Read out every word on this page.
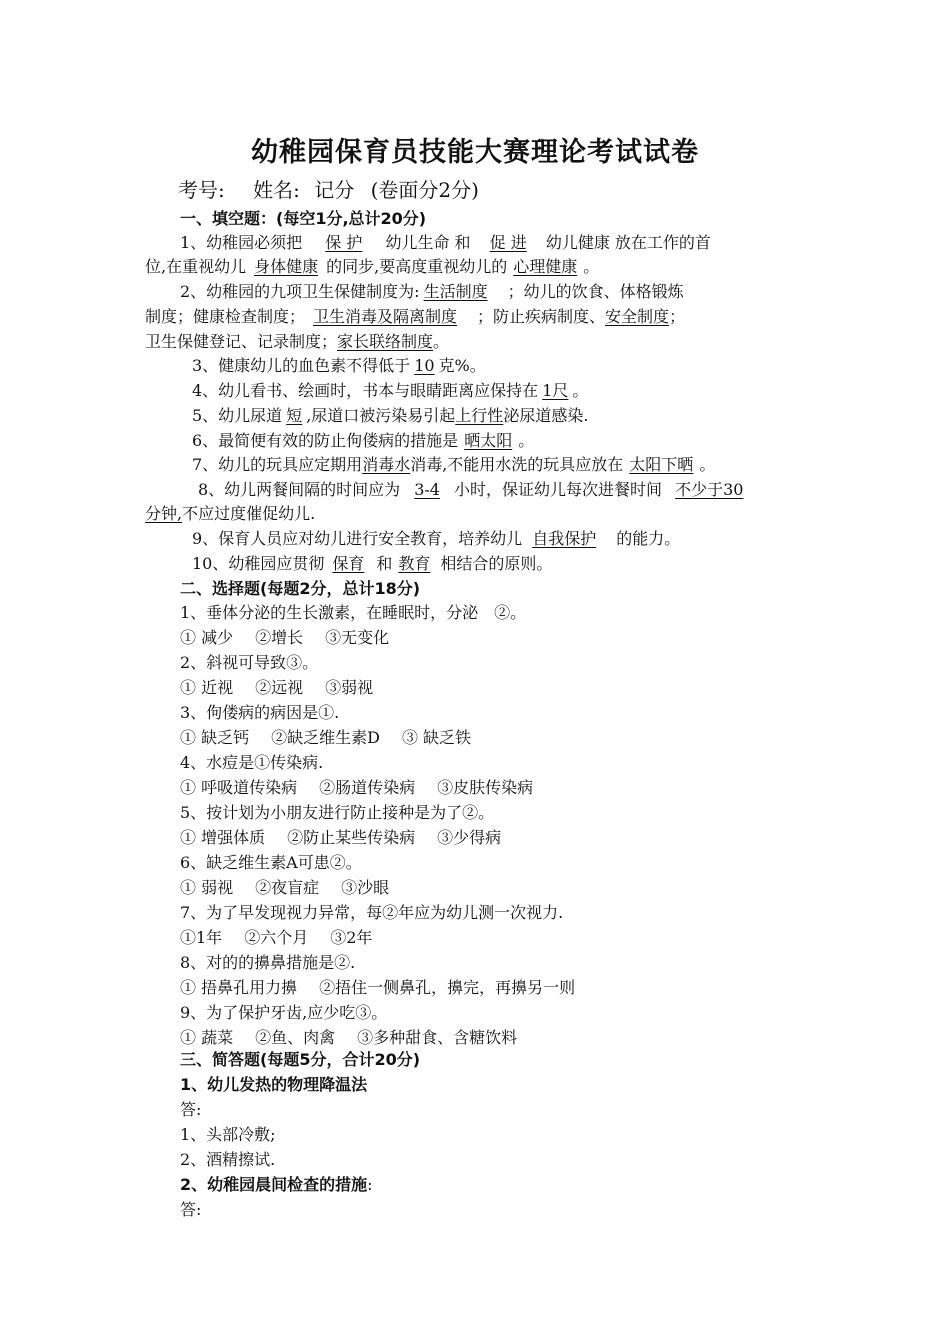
幼稚园保育员技能大赛理论考试试卷
考号: 姓名: 记分 (卷面分2分)
一、填空题：(每空1分,总计20分)
1、幼稚园必须把 保 护 幼儿生命 和 促 进 幼儿健康 放在工作的首
位,在重视幼儿 身体健康 的同步,要高度重视幼儿的 心理健康 。
2、幼稚园的九项卫生保健制度为: 生活制度 ；幼儿的饮食、体格锻炼
制度；健康检查制度； 卫生消毒及隔离制度 ；防止疾病制度、安全制度；
卫生保健登记、记录制度；家长联络制度。
3、健康幼儿的血色素不得低于 10 克%。
4、幼儿看书、绘画时，书本与眼睛距离应保持在 1尺 。
5、幼儿尿道 短 ,尿道口被污染易引起上行性泌尿道感染.
6、最简便有效的防止佝偻病的措施是 晒太阳 。
7、幼儿的玩具应定期用消毒水消毒,不能用水洗的玩具应放在 太阳下晒 。
8、幼儿两餐间隔的时间应为 3-4 小时，保证幼儿每次进餐时间 不少于30
分钟,不应过度催促幼儿.
9、保育人员应对幼儿进行安全教育，培养幼儿 自我保护 的能力。
10、幼稚园应贯彻 保育 和 教育 相结合的原则。
二、选择题(每题2分，总计18分)
1、垂体分泌的生长激素，在睡眠时，分泌　②。
① 减少 ②增长 ③无变化
2、斜视可导致③。
① 近视 ②远视 ③弱视
3、佝偻病的病因是①.
① 缺乏钙 ②缺乏维生素D ③ 缺乏铁
4、水痘是①传染病.
① 呼吸道传染病 ②肠道传染病 ③皮肤传染病
5、按计划为小朋友进行防止接种是为了②。
① 增强体质 ②防止某些传染病 ③少得病
6、缺乏维生素A可患②。
① 弱视 ②夜盲症 ③沙眼
7、为了早发现视力异常，每②年应为幼儿测一次视力.
①1年 ②六个月 ③2年
8、对的的擤鼻措施是②.
① 捂鼻孔用力擤 ②捂住一侧鼻孔，擤完，再擤另一则
9、为了保护牙齿,应少吃③。
① 蔬菜 ②鱼、肉禽 ③多种甜食、含糖饮料
三、简答题(每题5分，合计20分)
1、幼儿发热的物理降温法
答:
1、头部冷敷;
2、酒精擦试.
2、幼稚园晨间检查的措施:
答:
